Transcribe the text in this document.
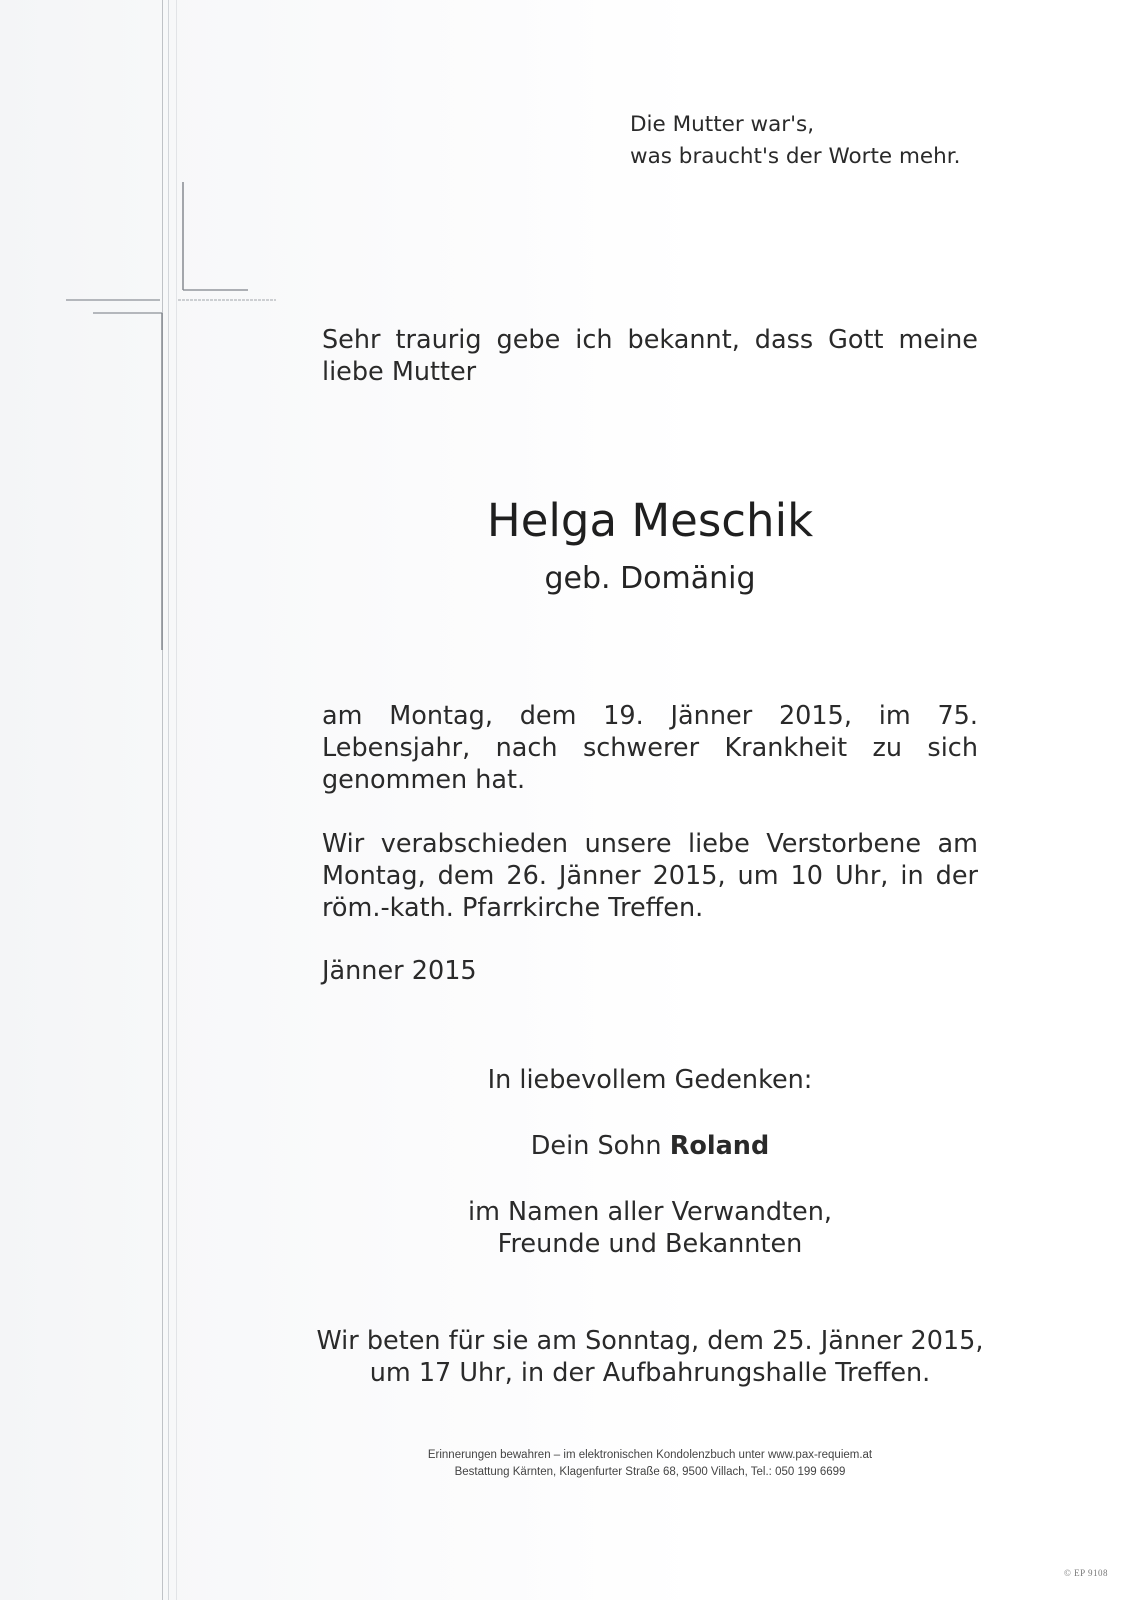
Die Mutter war's,
was braucht's der Worte mehr.
Sehr traurig gebe ich bekannt, dass Gott meine liebe Mutter
Helga Meschik
geb. Domänig
am Montag, dem 19. Jänner 2015, im 75. Lebensjahr, nach schwerer Krankheit zu sich genommen hat.
Wir verabschieden unsere liebe Verstorbene am Montag, dem 26. Jänner 2015, um 10 Uhr, in der röm.-kath. Pfarrkirche Treffen.
Jänner 2015
In liebevollem Gedenken:
Dein Sohn Roland
im Namen aller Verwandten,
Freunde und Bekannten
Wir beten für sie am Sonntag, dem 25. Jänner 2015,
um 17 Uhr, in der Aufbahrungshalle Treffen.
Erinnerungen bewahren – im elektronischen Kondolenzbuch unter www.pax-requiem.at
Bestattung Kärnten, Klagenfurter Straße 68, 9500 Villach, Tel.: 050 199 6699
© EP 9108
